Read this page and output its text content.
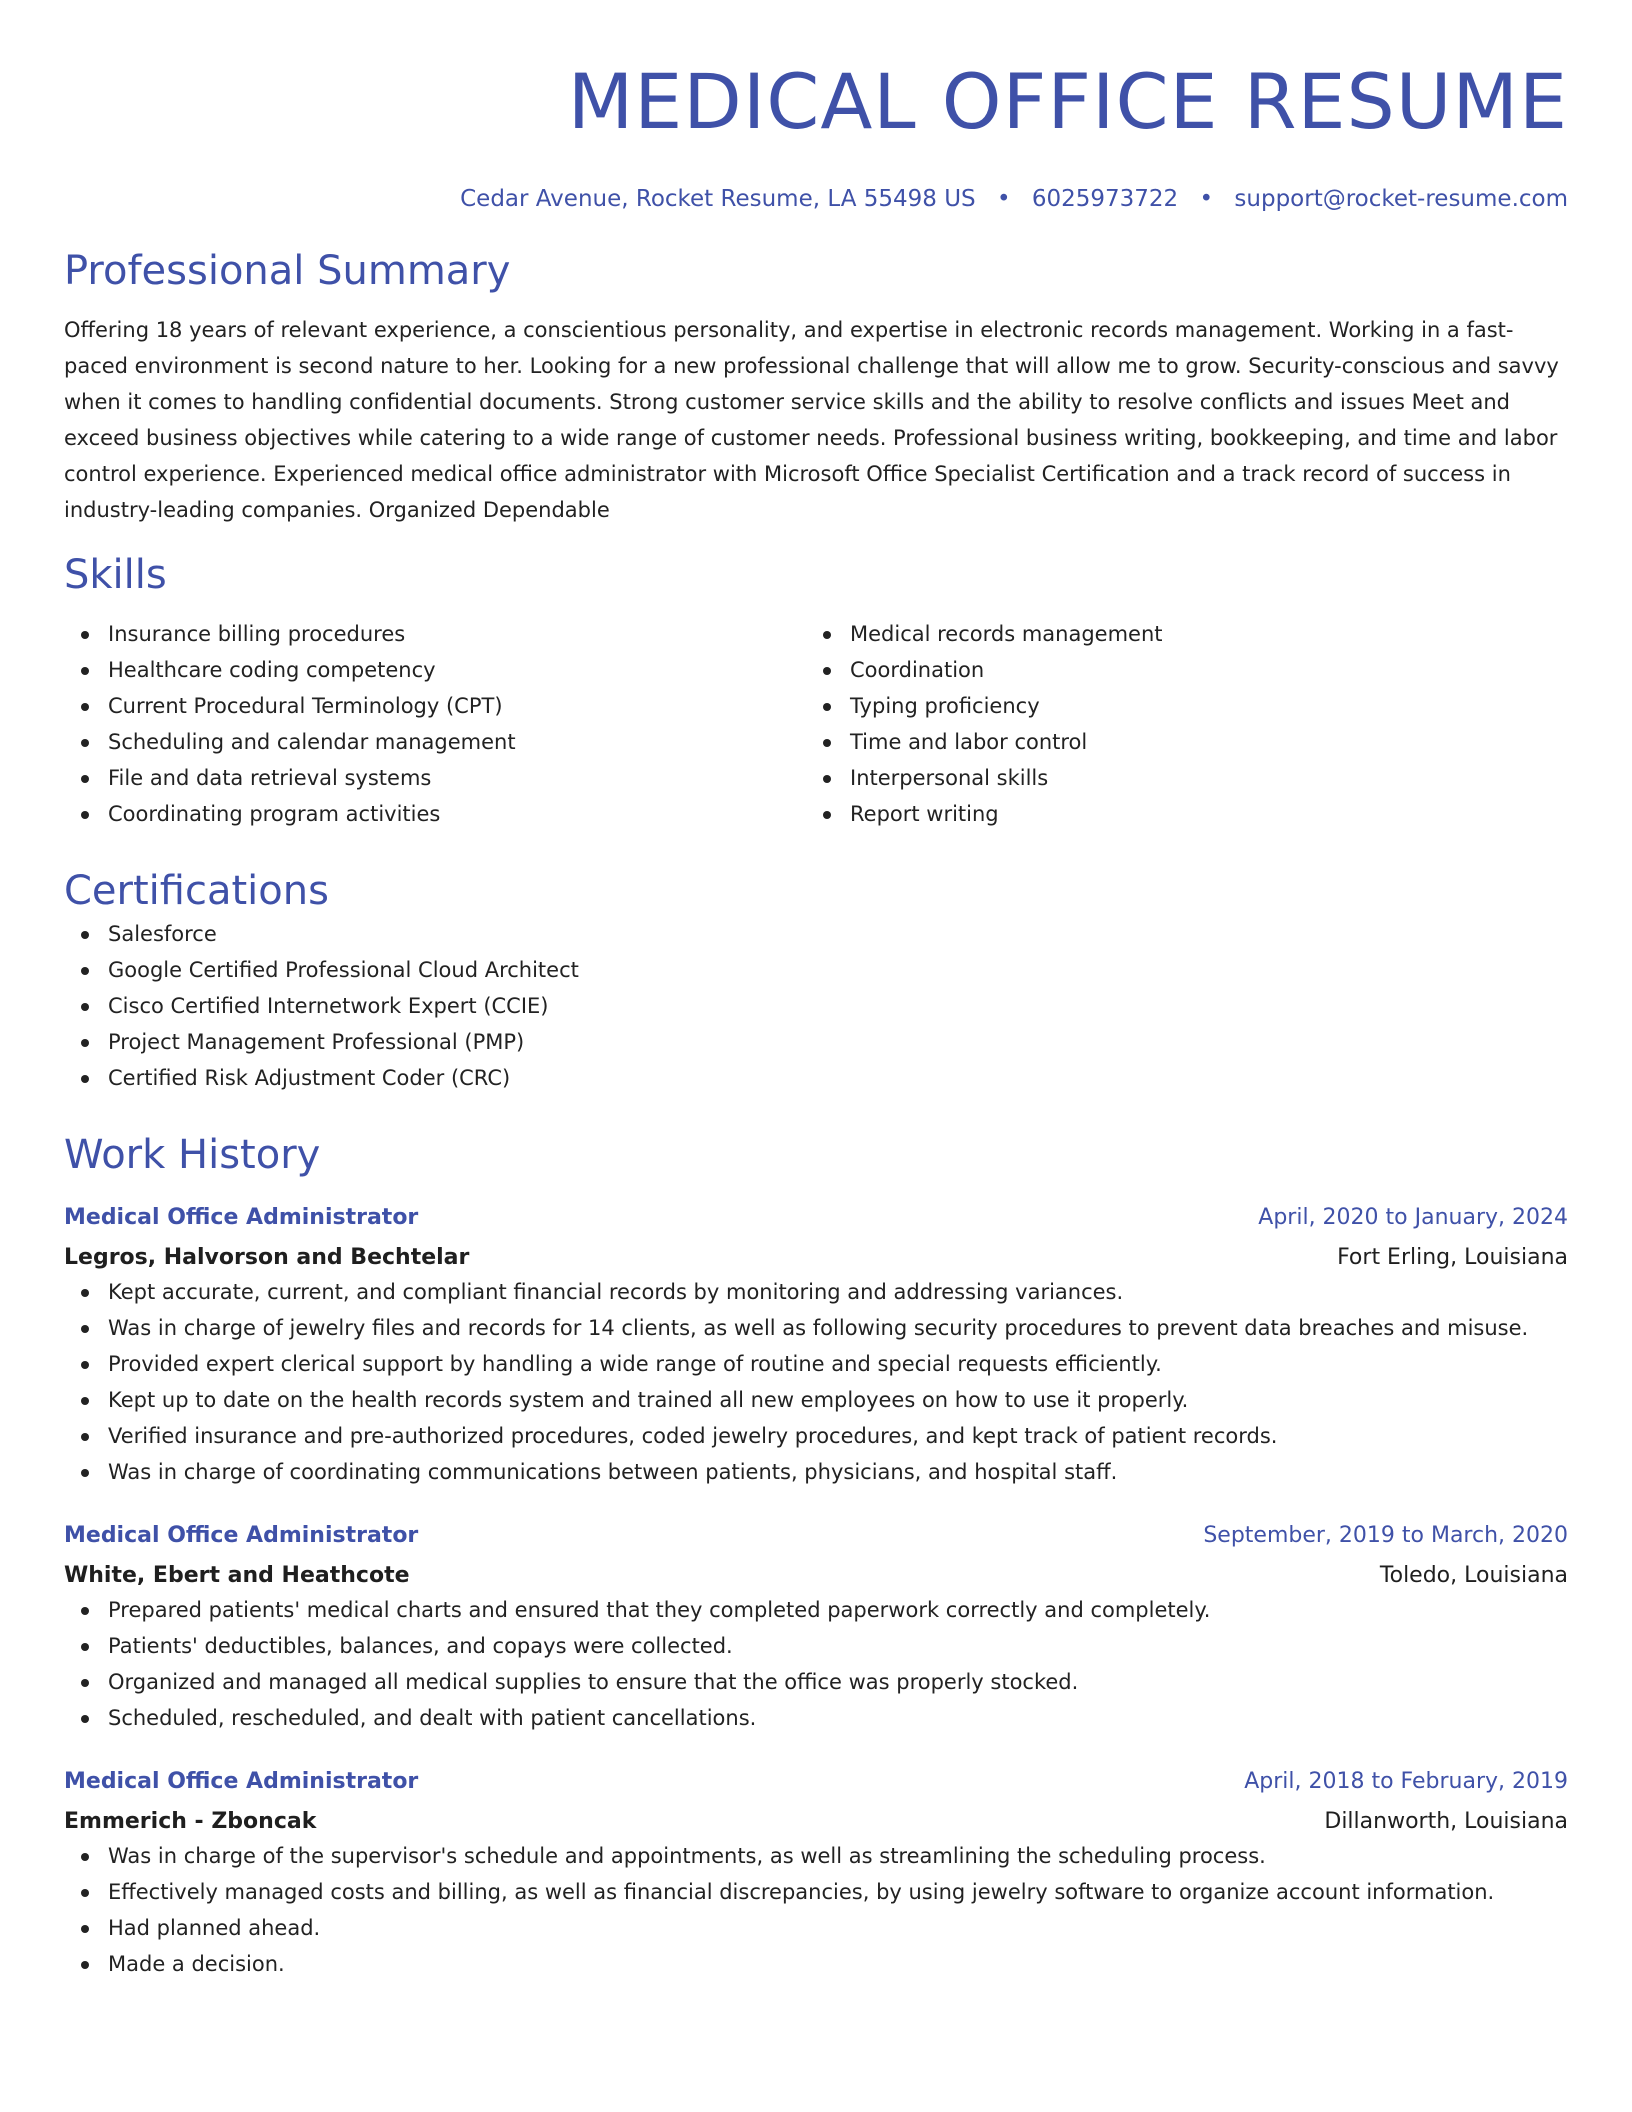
MEDICAL OFFICE RESUME
Cedar Avenue, Rocket Resume, LA 55498 US • 6025973722 • support@rocket-resume.com
Professional Summary

Offering 18 years of relevant experience, a conscientious personality, and expertise in electronic records management. Working in a fast-paced environment is second nature to her. Looking for a new professional challenge that will allow me to grow. Security-conscious and savvy when it comes to handling confidential documents. Strong customer service skills and the ability to resolve conflicts and issues Meet and exceed business objectives while catering to a wide range of customer needs. Professional business writing, bookkeeping, and time and labor control experience. Experienced medical office administrator with Microsoft Office Specialist Certification and a track record of success in industry-leading companies. Organized Dependable

Skills
Insurance billing procedures
Healthcare coding competency
Current Procedural Terminology (CPT)
Scheduling and calendar management
File and data retrieval systems
Coordinating program activities
Medical records management
Coordination
Typing proficiency
Time and labor control
Interpersonal skills
Report writing
Certifications
Salesforce
Google Certified Professional Cloud Architect
Cisco Certified Internetwork Expert (CCIE)
Project Management Professional (PMP)
Certified Risk Adjustment Coder (CRC)
Work History
Medical Office Administrator	April, 2020 to January, 2024
Legros, Halvorson and Bechtelar	Fort Erling, Louisiana
Kept accurate, current, and compliant financial records by monitoring and addressing variances.
Was in charge of jewelry files and records for 14 clients, as well as following security procedures to prevent data breaches and misuse.
Provided expert clerical support by handling a wide range of routine and special requests efficiently.
Kept up to date on the health records system and trained all new employees on how to use it properly.
Verified insurance and pre-authorized procedures, coded jewelry procedures, and kept track of patient records.
Was in charge of coordinating communications between patients, physicians, and hospital staff.
Medical Office Administrator	September, 2019 to March, 2020
White, Ebert and Heathcote	Toledo, Louisiana
Prepared patients' medical charts and ensured that they completed paperwork correctly and completely.
Patients' deductibles, balances, and copays were collected.
Organized and managed all medical supplies to ensure that the office was properly stocked.
Scheduled, rescheduled, and dealt with patient cancellations.
Medical Office Administrator	April, 2018 to February, 2019
Emmerich - Zboncak	Dillanworth, Louisiana
Was in charge of the supervisor's schedule and appointments, as well as streamlining the scheduling process.
Effectively managed costs and billing, as well as financial discrepancies, by using jewelry software to organize account information.
Had planned ahead.
Made a decision.
